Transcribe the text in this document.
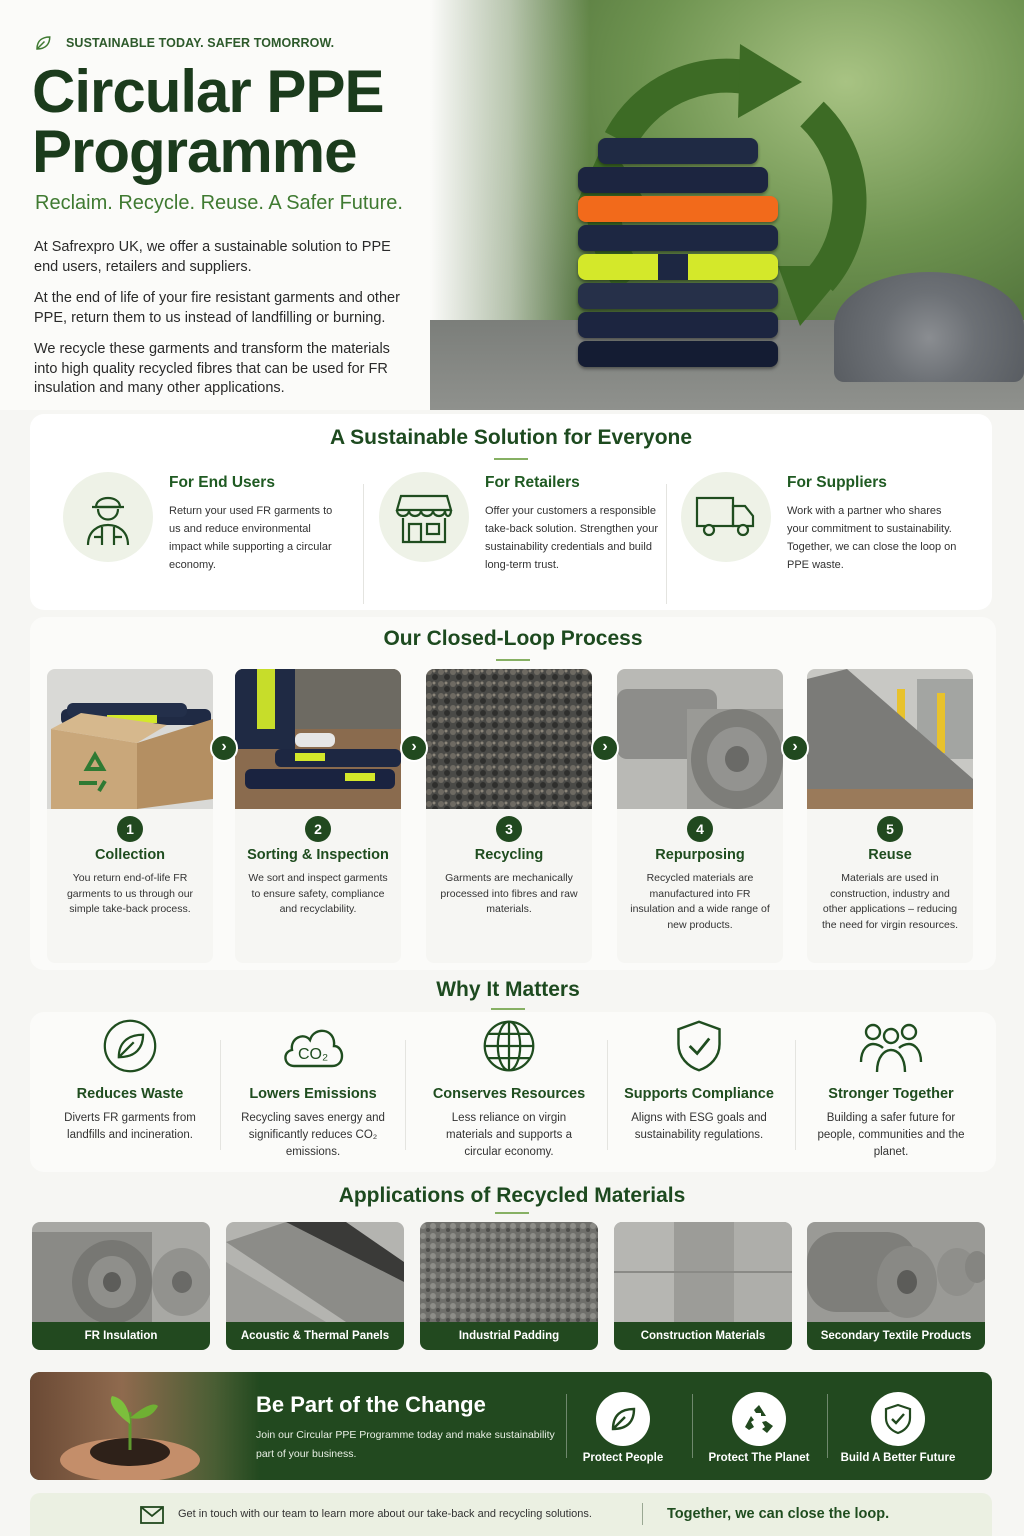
SUSTAINABLE TODAY. SAFER TOMORROW.
Circular PPE
Programme
Reclaim. Recycle. Reuse. A Safer Future.

At Safrexpro UK, we offer a sustainable solution to PPE end users, retailers and suppliers.

At the end of life of your fire resistant garments and other PPE, return them to us instead of landfilling or burning.

We recycle these garments and transform the materials into high quality recycled fibres that can be used for FR insulation and many other applications.

A Sustainable Solution for Everyone
For End Users
Return your used FR garments to us and reduce environmental impact while supporting a circular economy.
For Retailers
Offer your customers a responsible take-back solution. Strengthen your sustainability credentials and build long-term trust.
For Suppliers
Work with a partner who shares your commitment to sustainability. Together, we can close the loop on PPE waste.
Our Closed-Loop Process
1
Collection
You return end-of-life FR garments to us through our simple take-back process.
›
2
Sorting & Inspection
We sort and inspect garments to ensure safety, compliance and recyclability.
›
3
Recycling
Garments are mechanically processed into fibres and raw materials.
›
4
Repurposing
Recycled materials are manufactured into FR insulation and a wide range of new products.
›
5
Reuse
Materials are used in construction, industry and other applications – reducing the need for virgin resources.
Why It Matters
Reduces Waste
Diverts FR garments from landfills and incineration.
CO₂
Lowers Emissions
Recycling saves energy and significantly reduces CO₂ emissions.
Conserves Resources
Less reliance on virgin materials and supports a circular economy.
Supports Compliance
Aligns with ESG goals and sustainability regulations.
Stronger Together
Building a safer future for people, communities and the planet.
Applications of Recycled Materials
FR Insulation	Acoustic & Thermal Panels	Industrial Padding	Construction Materials	Secondary Textile Products
Be Part of the Change
Join our Circular PPE Programme today and make sustainability part of your business.	Protect People	Protect The Planet	Build A Better Future
Get in touch with our team to learn more about our take-back and recycling solutions.	Together, we can close the loop.
